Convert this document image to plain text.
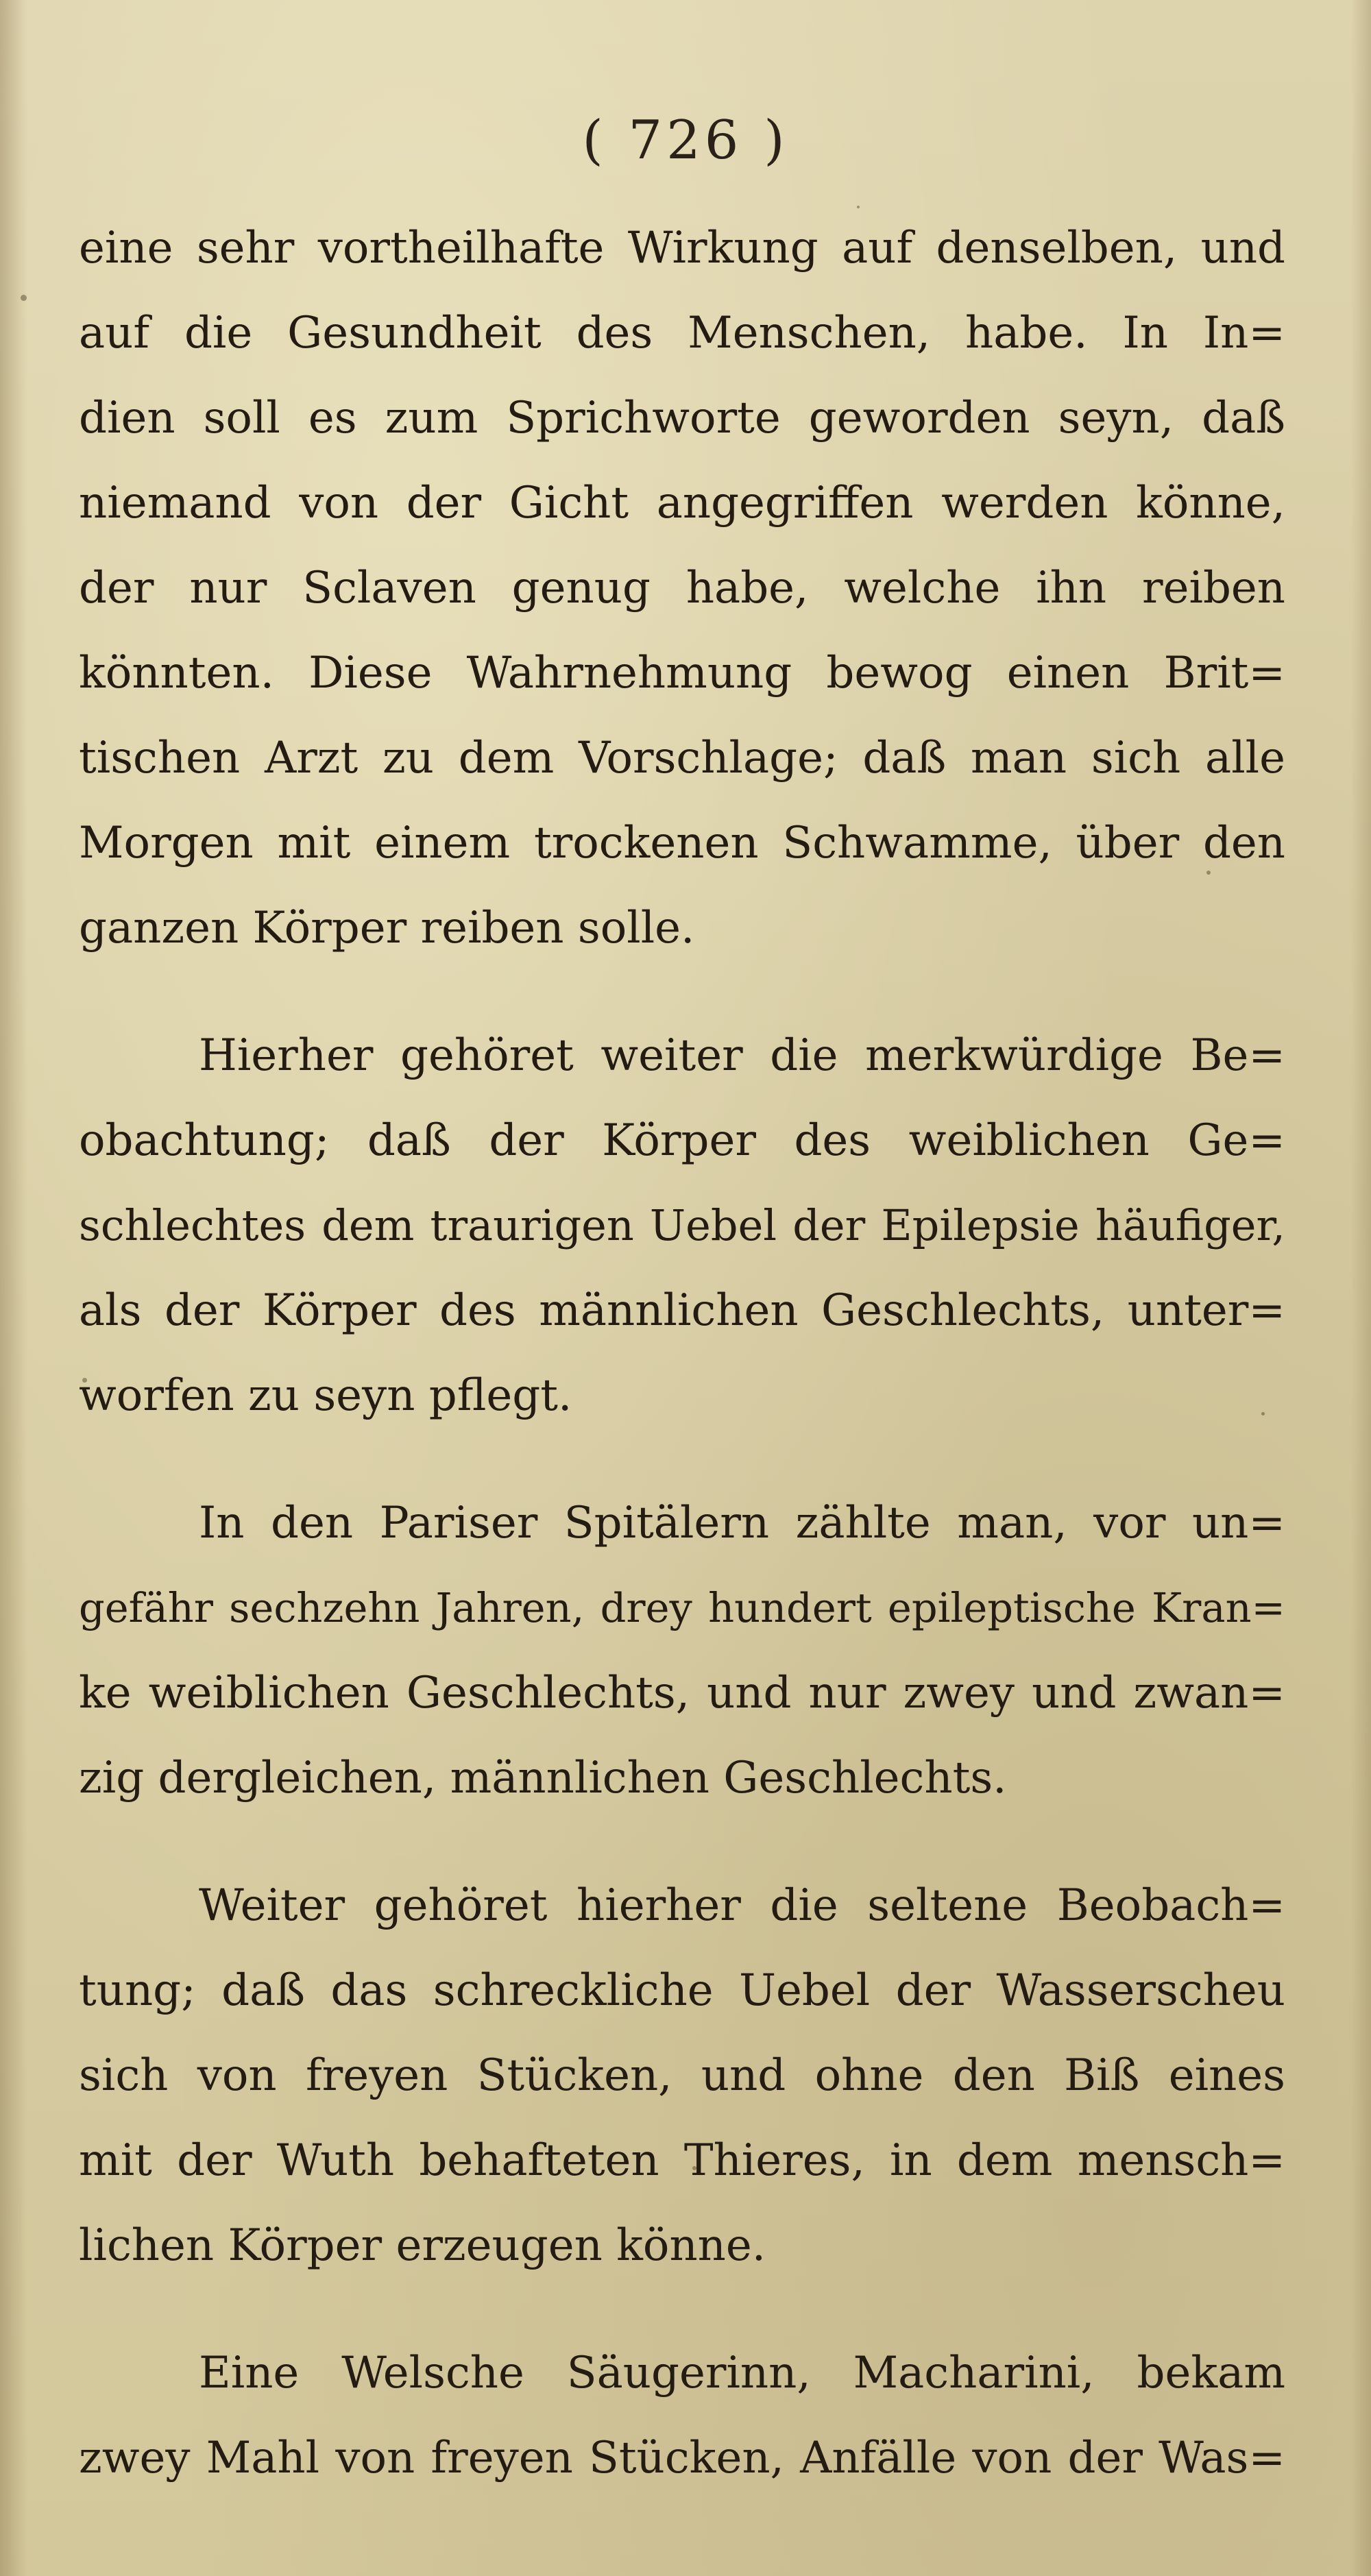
( 726 )
eine sehr vortheilhafte Wirkung auf denselben, und
auf die Gesundheit des Menschen, habe. In In=
dien soll es zum Sprichworte geworden seyn, daß
niemand von der Gicht angegriffen werden könne,
der nur Sclaven genug habe, welche ihn reiben
könnten. Diese Wahrnehmung bewog einen Brit=
tischen Arzt zu dem Vorschlage; daß man sich alle
Morgen mit einem trockenen Schwamme, über den
ganzen Körper reiben solle.
Hierher gehöret weiter die merkwürdige Be=
obachtung; daß der Körper des weiblichen Ge=
schlechtes dem traurigen Uebel der Epilepsie häufiger,
als der Körper des männlichen Geschlechts, unter=
worfen zu seyn pflegt.
In den Pariser Spitälern zählte man, vor un=
gefähr sechzehn Jahren, drey hundert epileptische Kran=
ke weiblichen Geschlechts, und nur zwey und zwan=
zig dergleichen, männlichen Geschlechts.
Weiter gehöret hierher die seltene Beobach=
tung; daß das schreckliche Uebel der Wasserscheu
sich von freyen Stücken, und ohne den Biß eines
mit der Wuth behafteten Thieres, in dem mensch=
lichen Körper erzeugen könne.
Eine Welsche Säugerinn, Macharini, bekam
zwey Mahl von freyen Stücken, Anfälle von der Was=
